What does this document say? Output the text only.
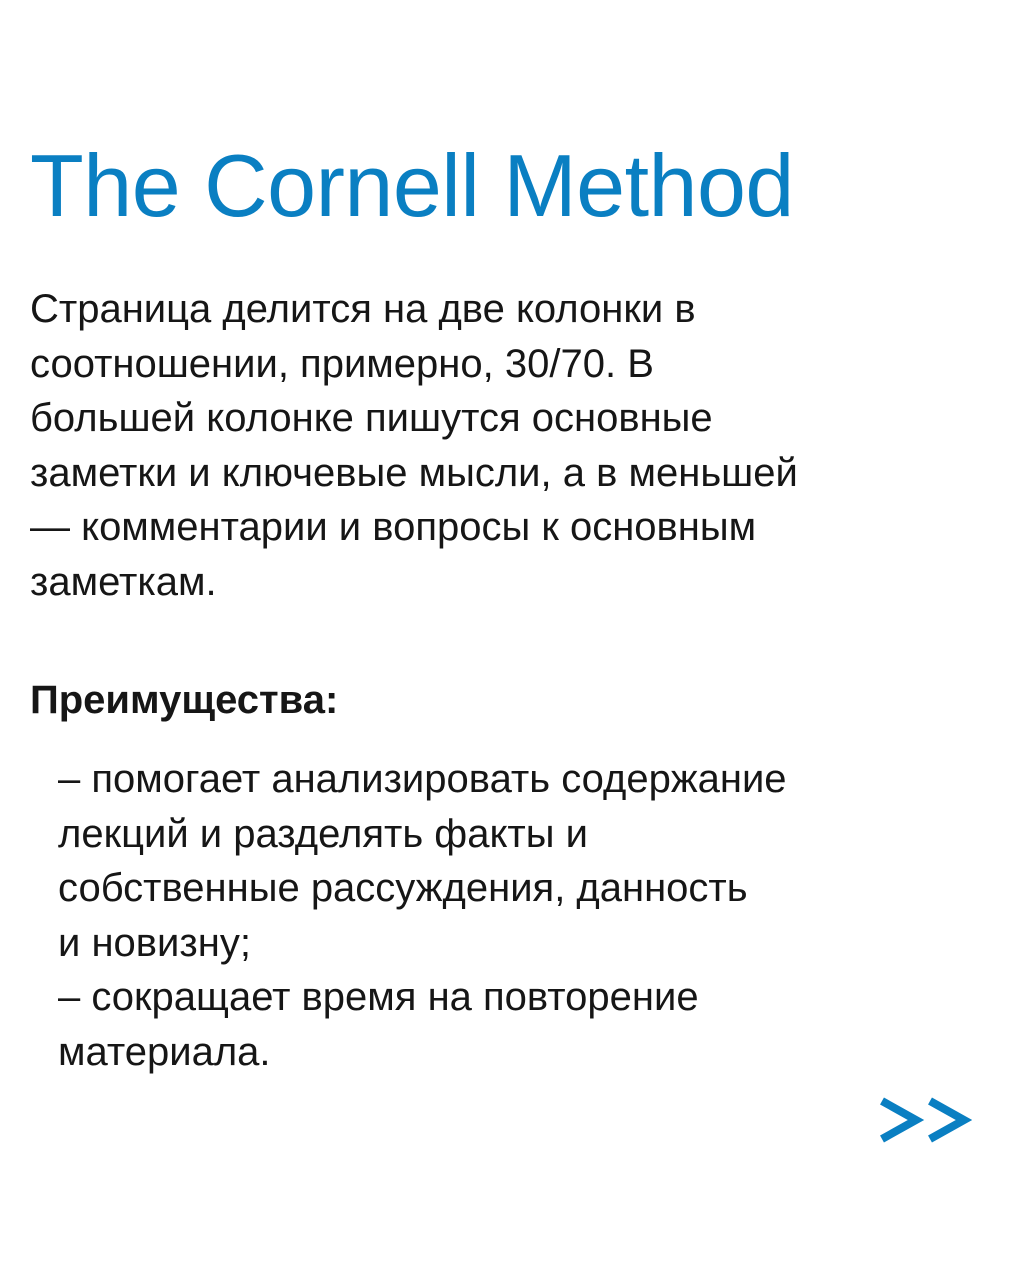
The Cornell Method

Страница делится на две колонки в
соотношении, примерно, 30/70. В
большей колонке пишутся основные
заметки и ключевые мысли, а в меньшей
— комментарии и вопросы к основным
заметкам.

Преимущества:
– помогает анализировать содержание
лекций и разделять факты и
собственные рассуждения, данность
и новизну;
– сокращает время на повторение
материала.
